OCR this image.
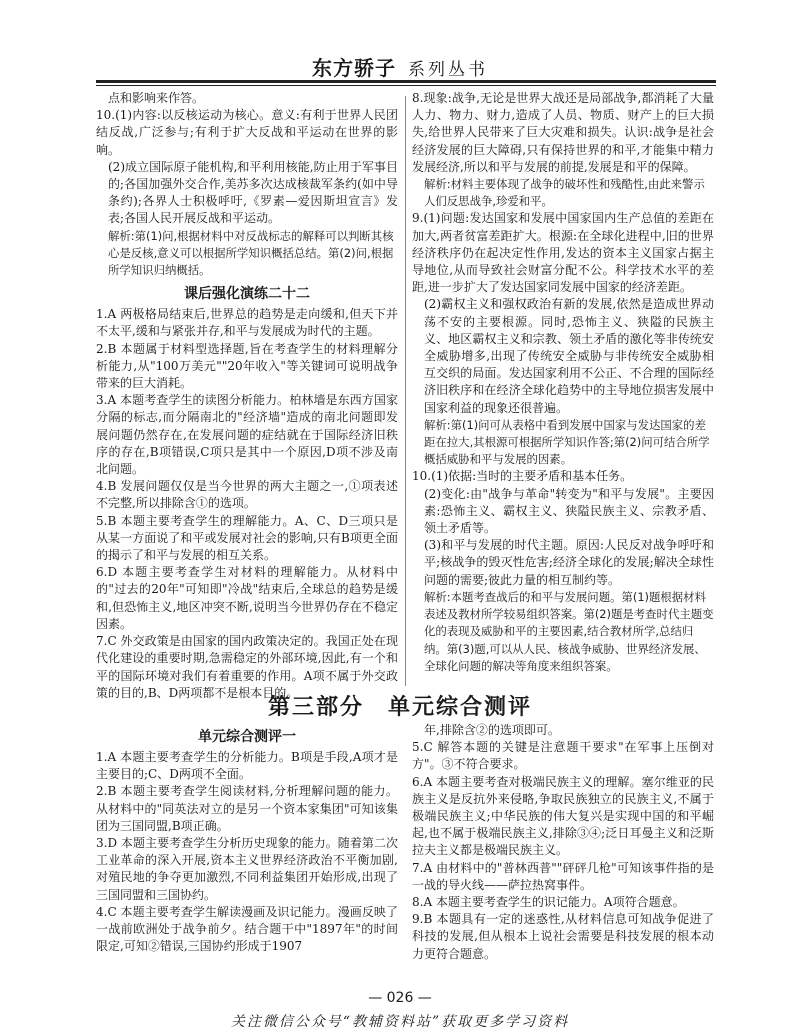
东方骄子 系列丛书

点和影响来作答。

10.(1)内容:以反核运动为核心。意义:有利于世界人民团结反战,广泛参与;有利于扩大反战和平运动在世界的影响。

(2)成立国际原子能机构,和平利用核能,防止用于军事目的;各国加强外交合作,美苏多次达成核裁军条约(如中导条约);各界人士积极呼吁,《罗素—爱因斯坦宣言》发表;各国人民开展反战和平运动。

解析:第(1)问,根据材料中对反战标志的解释可以判断其核心是反核,意义可以根据所学知识概括总结。第(2)问,根据所学知识归纳概括。

课后强化演练二十二

1.A 两极格局结束后,世界总的趋势是走向缓和,但天下并不太平,缓和与紧张并存,和平与发展成为时代的主题。

2.B 本题属于材料型选择题,旨在考查学生的材料理解分析能力,从"100万美元""20年收入"等关键词可说明战争带来的巨大消耗。

3.A 本题考查学生的读图分析能力。柏林墙是东西方国家分隔的标志,而分隔南北的"经济墙"造成的南北问题即发展问题仍然存在,在发展问题的症结就在于国际经济旧秩序的存在,B项错误,C项只是其中一个原因,D项不涉及南北问题。

4.B 发展问题仅仅是当今世界的两大主题之一,①项表述不完整,所以排除含①的选项。

5.B 本题主要考查学生的理解能力。A、C、D三项只是从某一方面说了和平或发展对社会的影响,只有B项更全面的揭示了和平与发展的相互关系。

6.D 本题主要考查学生对材料的理解能力。从材料中的"过去的20年"可知即"冷战"结束后,全球总的趋势是缓和,但恐怖主义,地区冲突不断,说明当今世界仍存在不稳定因素。

7.C 外交政策是由国家的国内政策决定的。我国正处在现代化建设的重要时期,急需稳定的外部环境,因此,有一个和平的国际环境对我们有着重要的作用。A项不属于外交政策的目的,B、D两项都不是根本目的。

8.现象:战争,无论是世界大战还是局部战争,都消耗了大量人力、物力、财力,造成了人员、物质、财产上的巨大损失,给世界人民带来了巨大灾难和损失。认识:战争是社会经济发展的巨大障碍,只有保持世界的和平,才能集中精力发展经济,所以和平与发展的前提,发展是和平的保障。

解析:材料主要体现了战争的破坏性和残酷性,由此来警示人们反思战争,珍爱和平。

9.(1)问题:发达国家和发展中国家国内生产总值的差距在加大,两者贫富差距扩大。根源:在全球化进程中,旧的世界经济秩序仍在起决定性作用,发达的资本主义国家占据主导地位,从而导致社会财富分配不公。科学技术水平的差距,进一步扩大了发达国家同发展中国家的经济差距。

(2)霸权主义和强权政治有新的发展,依然是造成世界动荡不安的主要根源。同时,恐怖主义、狭隘的民族主义、地区霸权主义和宗教、领土矛盾的激化等非传统安全威胁增多,出现了传统安全威胁与非传统安全威胁相互交织的局面。发达国家利用不公正、不合理的国际经济旧秩序和在经济全球化趋势中的主导地位损害发展中国家利益的现象还很普遍。

解析:第(1)问可从表格中看到发展中国家与发达国家的差距在拉大,其根源可根据所学知识作答;第(2)问可结合所学概括威胁和平与发展的因素。

10.(1)依据:当时的主要矛盾和基本任务。

(2)变化:由"战争与革命"转变为"和平与发展"。主要因素:恐怖主义、霸权主义、狭隘民族主义、宗教矛盾、领土矛盾等。

(3)和平与发展的时代主题。原因:人民反对战争呼吁和平;核战争的毁灭性危害;经济全球化的发展;解决全球性问题的需要;彼此力量的相互制约等。

解析:本题考查战后的和平与发展问题。第(1)题根据材料表述及教材所学较易组织答案。第(2)题是考查时代主题变化的表现及威胁和平的主要因素,结合教材所学,总结归纳。第(3)题,可以从人民、核战争威胁、世界经济发展、全球化问题的解决等角度来组织答案。

第三部分　单元综合测评
单元综合测评一

1.A 本题主要考查学生的分析能力。B项是手段,A项才是主要目的;C、D两项不全面。

2.B 本题主要考查学生阅读材料,分析理解问题的能力。从材料中的"同英法对立的是另一个资本家集团"可知该集团为三国同盟,B项正确。

3.D 本题主要考查学生分析历史现象的能力。随着第二次工业革命的深入开展,资本主义世界经济政治不平衡加剧,对殖民地的争夺更加激烈,不同利益集团开始形成,出现了三国同盟和三国协约。

4.C 本题主要考查学生解读漫画及识记能力。漫画反映了一战前欧洲处于战争前夕。结合题干中"1897年"的时间限定,可知②错误,三国协约形成于1907

年,排除含②的选项即可。

5.C 解答本题的关键是注意题干要求"在军事上压倒对方"。③不符合要求。

6.A 本题主要考查对极端民族主义的理解。塞尔维亚的民族主义是反抗外来侵略,争取民族独立的民族主义,不属于极端民族主义;中华民族的伟大复兴是实现中国的和平崛起,也不属于极端民族主义,排除③④;泛日耳曼主义和泛斯拉夫主义都是极端民族主义。

7.A 由材料中的"普林西普""砰砰几枪"可知该事件指的是一战的导火线——萨拉热窝事件。

8.A 本题主要考查学生的识记能力。A项符合题意。

9.B 本题具有一定的迷惑性,从材料信息可知战争促进了科技的发展,但从根本上说社会需要是科技发展的根本动力更符合题意。

— 026 —
关注微信公众号“教辅资料站”获取更多学习资料
